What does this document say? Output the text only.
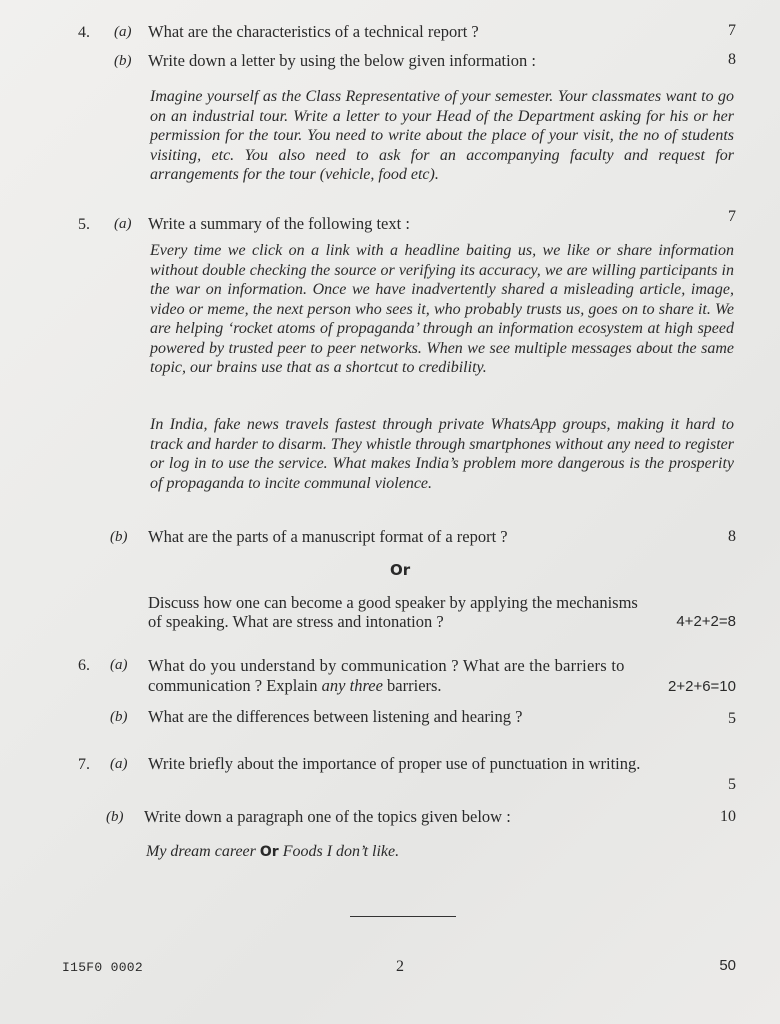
4. (a) What are the characteristics of a technical report ?	7
(b) Write down a letter by using the below given information :	8
Imagine yourself as the Class Representative of your semester. Your classmates want to go on an industrial tour. Write a letter to your Head of the Department asking for his or her permission for the tour. You need to write about the place of your visit, the no of students visiting, etc. You also need to ask for an accompanying faculty and request for arrangements for the tour (vehicle, food etc).
5. (a) Write a summary of the following text :	7
Every time we click on a link with a headline baiting us, we like or share information without double checking the source or verifying its accuracy, we are willing participants in the war on information. Once we have inadvertently shared a misleading article, image, video or meme, the next person who sees it, who probably trusts us, goes on to share it. We are helping ‘rocket atoms of propaganda’ through an information ecosystem at high speed powered by trusted peer to peer networks. When we see multiple messages about the same topic, our brains use that as a shortcut to credibility.
In India, fake news travels fastest through private WhatsApp groups, making it hard to track and harder to disarm. They whistle through smartphones without any need to register or log in to use the service. What makes India’s problem more dangerous is the prosperity of propaganda to incite communal violence.
(b) What are the parts of a manuscript format of a report ?	8
Or
Discuss how one can become a good speaker by applying the mechanisms
of speaking. What are stress and intonation ?	4+2+2=8
6. (a) What do you understand by communication ? What are the barriers to
communication ? Explain any three barriers.	2+2+6=10
(b) What are the differences between listening and hearing ?	5
7. (a) Write briefly about the importance of proper use of punctuation in writing.
5
(b) Write down a paragraph one of the topics given below :	10
My dream career Or Foods I don’t like.
I15F0 0002	2	50
